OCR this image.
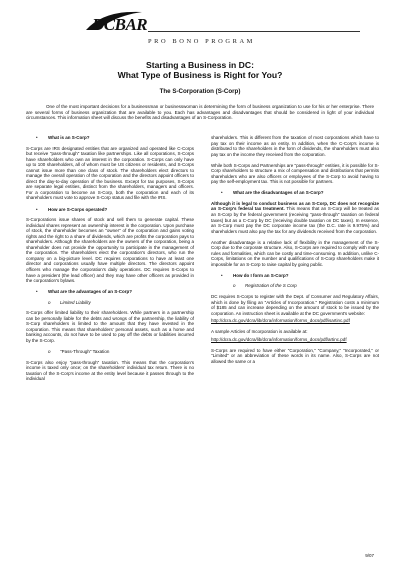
DCBAR
PRO BONO PROGRAM
Starting a Business in DC:
What Type of Business is Right for You?
The S-Corporation (S-Corp)
One of the most important decisions for a businessman or businesswoman is determining the form of business organization to use for his or her enterprise. There are several forms of business organization that are available to you. Each has advantages and disadvantages that should be considered in light of your individual circumstances. This information sheet will discuss the benefits and disadvantages of an S-Corporation.
•	What is an S-Corp?

S-Corps are IRS designated entities that are organized and operated like C-Corps but receive "pass-through" taxation like partnerships. Like all corporations, S-Corps have shareholders who own an interest in the corporation. S-Corps can only have up to 100 shareholders, all of whom must be US citizens or residents, and S-Corps cannot issue more than one class of stock. The shareholders elect directors to manage the overall operation of the corporation and the directors appoint officers to direct the day-to-day operation of the business. Except for tax purposes, S-Corps are separate legal entities, distinct from the shareholders, managers and officers. For a corporation to become an S-Corp, both the corporation and each of its shareholders must vote to approve S-Corp status and file with the IRS.

•	How are S-Corps operated?

S-Corporations issue shares of stock and sell them to generate capital. These individual shares represent an ownership interest in the corporation. Upon purchase of stock, the shareholder becomes an "owner" of the corporation and gains voting rights and the right to a share of dividends, which are profits the corporation pays to shareholders. Although the shareholders are the owners of the corporation, being a shareholder does not provide the opportunity to participate in the management of the corporation. The shareholders elect the corporation's directors, who run the company on a big-picture level. DC requires corporations to have at least one director and corporations usually have multiple directors. The directors appoint officers who manage the corporation's daily operations. DC requires S-Corps to have a president (the lead officer) and they may have other officers as provided in the corporation's bylaws.

•	What are the advantages of an S-Corp?
o	Limited Liability

S-Corps offer limited liability to their shareholders. While partners in a partnership can be personally liable for the debts and wrongs of the partnership, the liability of S-Corp shareholders is limited to the amount that they have invested in the corporation. This means that shareholders' personal assets, such as a home and banking accounts, do not have to be used to pay off the debts or liabilities incurred by the S-Corp.

o	"Pass-Through" Taxation

S-Corps also enjoy "pass-through" taxation. This means that the corporation's income is taxed only once; on the shareholders' individual tax return. There is no taxation of the S-Corp's income at the entity level because it passes through to the individual

shareholders. This is different from the taxation of most corporations which have to pay tax on their income as an entity. In addition, when the C-Corp's income is distributed to the shareholders in the form of dividends, the shareholders must also pay tax on the income they received from the corporation.

While both S-Corps and Partnerships are "pass-through" entities, it is possible for S-Corp shareholders to structure a mix of compensation and distributions that permits shareholders who are also officers or employees of the S-Corp to avoid having to pay the self-employment tax. This is not possible for partners.

•	What are the disadvantages of an S-Corp?

Although it is legal to conduct business as an S-Corp, DC does not recognize an S-Corp's federal tax treatment. This means that an S-Corp will be treated as an S-Corp by the federal government (receiving "pass-through" taxation on federal taxes) but as a C-Corp by DC (receiving double taxation on DC taxes). In essence, an S-Corp must pay the DC corporate income tax (the D.C. rate is 9.975%) and shareholders must also pay the tax for any dividends received from the corporation.

Another disadvantage is a relative lack of flexibility in the management of the S-Corp due to the corporate structure. Also, S-Corps are required to comply with many rules and formalities, which can be costly and time-consuming. In addition, unlike C-Corps, limitations on the number and qualifications of S-Corp shareholders make it impossible for an S-Corp to raise capital by going public.

•	How do I form an S-Corp?
o	Registration of the S Corp

DC requires S-Corps to register with the Dept. of Consumer and Regulatory Affairs, which is done by filing an "Articles of Incorporation." Registration costs a minimum of $185 and can increase depending on the amount of stock to be issued by the corporation. An instruction sheet is available at the DC government's website:

http://dcra.dc.gov/dcra/lib/dcra/information/forms_docs/pdf/isartinc.pdf

A sample Articles of Incorporation is available at:

http://dcra.dc.gov/dcra/lib/dcra/information/forms_docs/pdf/artinc.pdf

S-Corps are required to have either "Corporation," "Company," "Incorporated," or "Limited" or an abbreviation of these words in its name. Also, S-Corps are not allowed the same or a

9/07
